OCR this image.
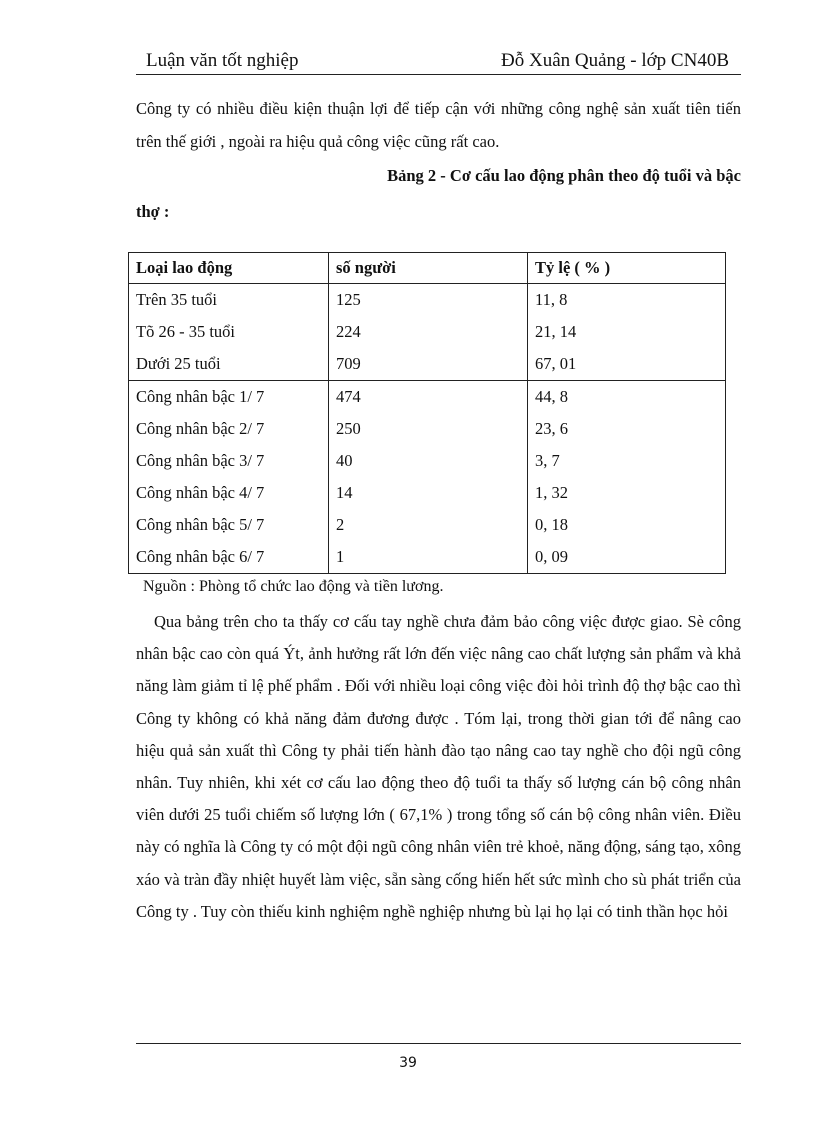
Luận văn tốt nghiệp	Đỗ Xuân Quảng - lớp CN40B

Công ty có nhiều điều kiện thuận lợi để tiếp cận với những công nghệ sản xuất tiên tiến trên thế giới , ngoài ra hiệu quả công việc cũng rất cao.

Bảng 2 - Cơ cấu lao động phân theo độ tuổi và bậc
thợ :

Loại lao động	số người	Tỷ lệ ( % )
Trên 35 tuổi	125	11, 8
Tõ 26 - 35 tuổi	224	21, 14
Dưới 25 tuổi	709	67, 01
Công nhân bậc 1/ 7	474	44, 8
Công nhân bậc 2/ 7	250	23, 6
Công nhân bậc 3/ 7	40	3, 7
Công nhân bậc 4/ 7	14	1, 32
Công nhân bậc 5/ 7	2	0, 18
Công nhân bậc 6/ 7	1	0, 09
Nguồn : Phòng tổ chức lao động và tiền lương.

Qua bảng trên cho ta thấy cơ cấu tay nghề chưa đảm bảo công việc được giao. Sè công nhân bậc cao còn quá Ýt, ảnh hưởng rất lớn đến việc nâng cao chất lượng sản phẩm và khả năng làm giảm tỉ lệ phế phẩm . Đối với nhiều loại công việc đòi hỏi trình độ thợ bậc cao thì Công ty không có khả năng đảm đương được . Tóm lại, trong thời gian tới để nâng cao hiệu quả sản xuất thì Công ty phải tiến hành đào tạo nâng cao tay nghề cho đội ngũ công nhân. Tuy nhiên, khi xét cơ cấu lao động theo độ tuổi ta thấy số lượng cán bộ công nhân viên dưới 25 tuổi chiếm số lượng lớn ( 67,1% ) trong tổng số cán bộ công nhân viên. Điều này có nghĩa là Công ty có một đội ngũ công nhân viên trẻ khoẻ, năng động, sáng tạo, xông xáo và tràn đầy nhiệt huyết làm việc, sẵn sàng cống hiến hết sức mình cho sù phát triển của Công ty . Tuy còn thiếu kinh nghiệm nghề nghiệp nhưng bù lại họ lại có tinh thần học hỏi

39
